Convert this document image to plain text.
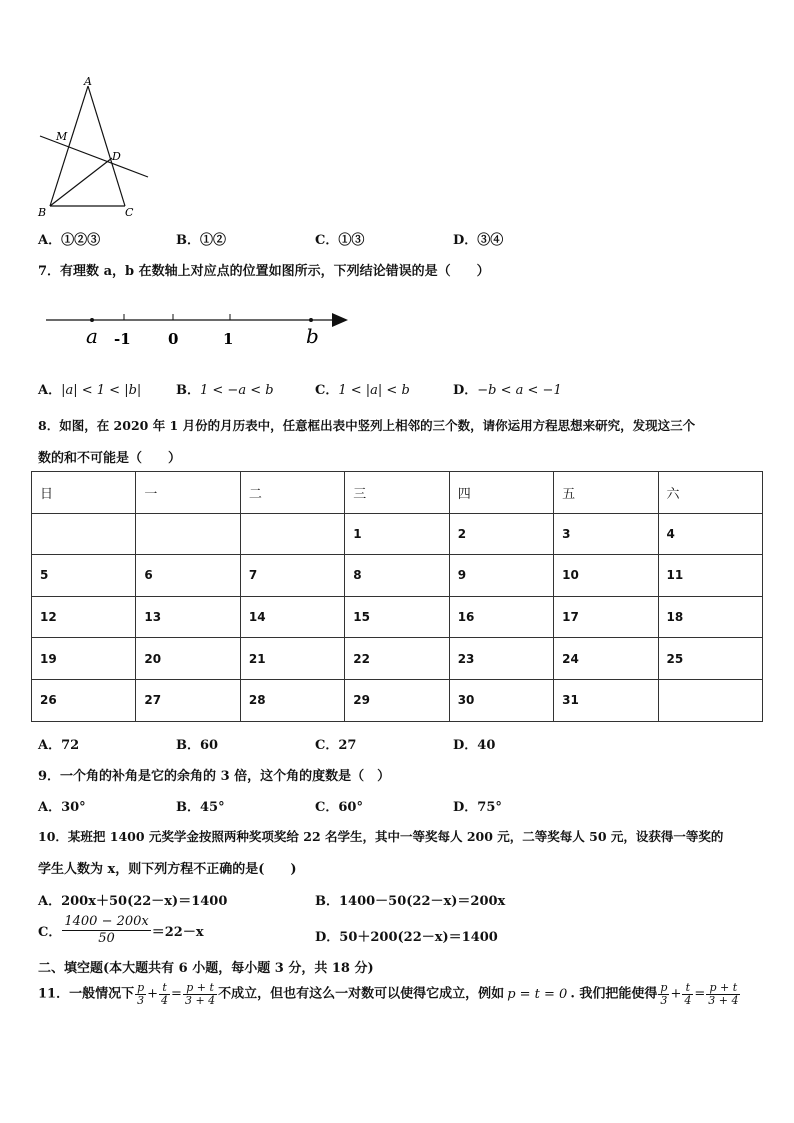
A
M
D
B	C
A．①②③	B．①②	C．①③	D．③④
7．有理数 a，b 在数轴上对应点的位置如图所示，下列结论错误的是（　　）
a -1 0	1	b
A．|a| < 1 < |b|	B．1 < −a < b	C．1 < |a| < b	D．−b < a < −1
8．如图，在 2020 年 1 月份的月历表中，任意框出表中竖列上相邻的三个数，请你运用方程思想来研究，发现这三个
数的和不可能是（　　）
日	一	二	三	四	五	六
			1	2	3	4
5	6	7	8	9	10	11
12	13	14	15	16	17	18
19	20	21	22	23	24	25
26	27	28	29	30	31	
A．72	B．60	C．27	D．40
9．一个角的补角是它的余角的 3 倍，这个角的度数是（　）
A．30°	B．45°	C．60°	D．75°
10．某班把 1400 元奖学金按照两种奖项奖给 22 名学生，其中一等奖每人 200 元，二等奖每人 50 元，设获得一等奖的
学生人数为 x，则下列方程不正确的是(　　)
A．200x＋50(22－x)＝1400	B．1400－50(22－x)＝200x
C． $\frac{1400 - 200x}{50} =22-x$	D．50＋200(22－x)＝1400
二、填空题(本大题共有 6 小题，每小题 3 分，共 18 分)
11．一般情况下 $\frac{p}{3} + \frac{t}{4} = \frac{p + t}{3 + 4}$ 不成立，但也有这么一对数可以使得它成立，例如 p = t = 0 . 我们把能使得 $\frac{p}{3} + \frac{t}{4} = \frac{p + t}{3 + 4}$
